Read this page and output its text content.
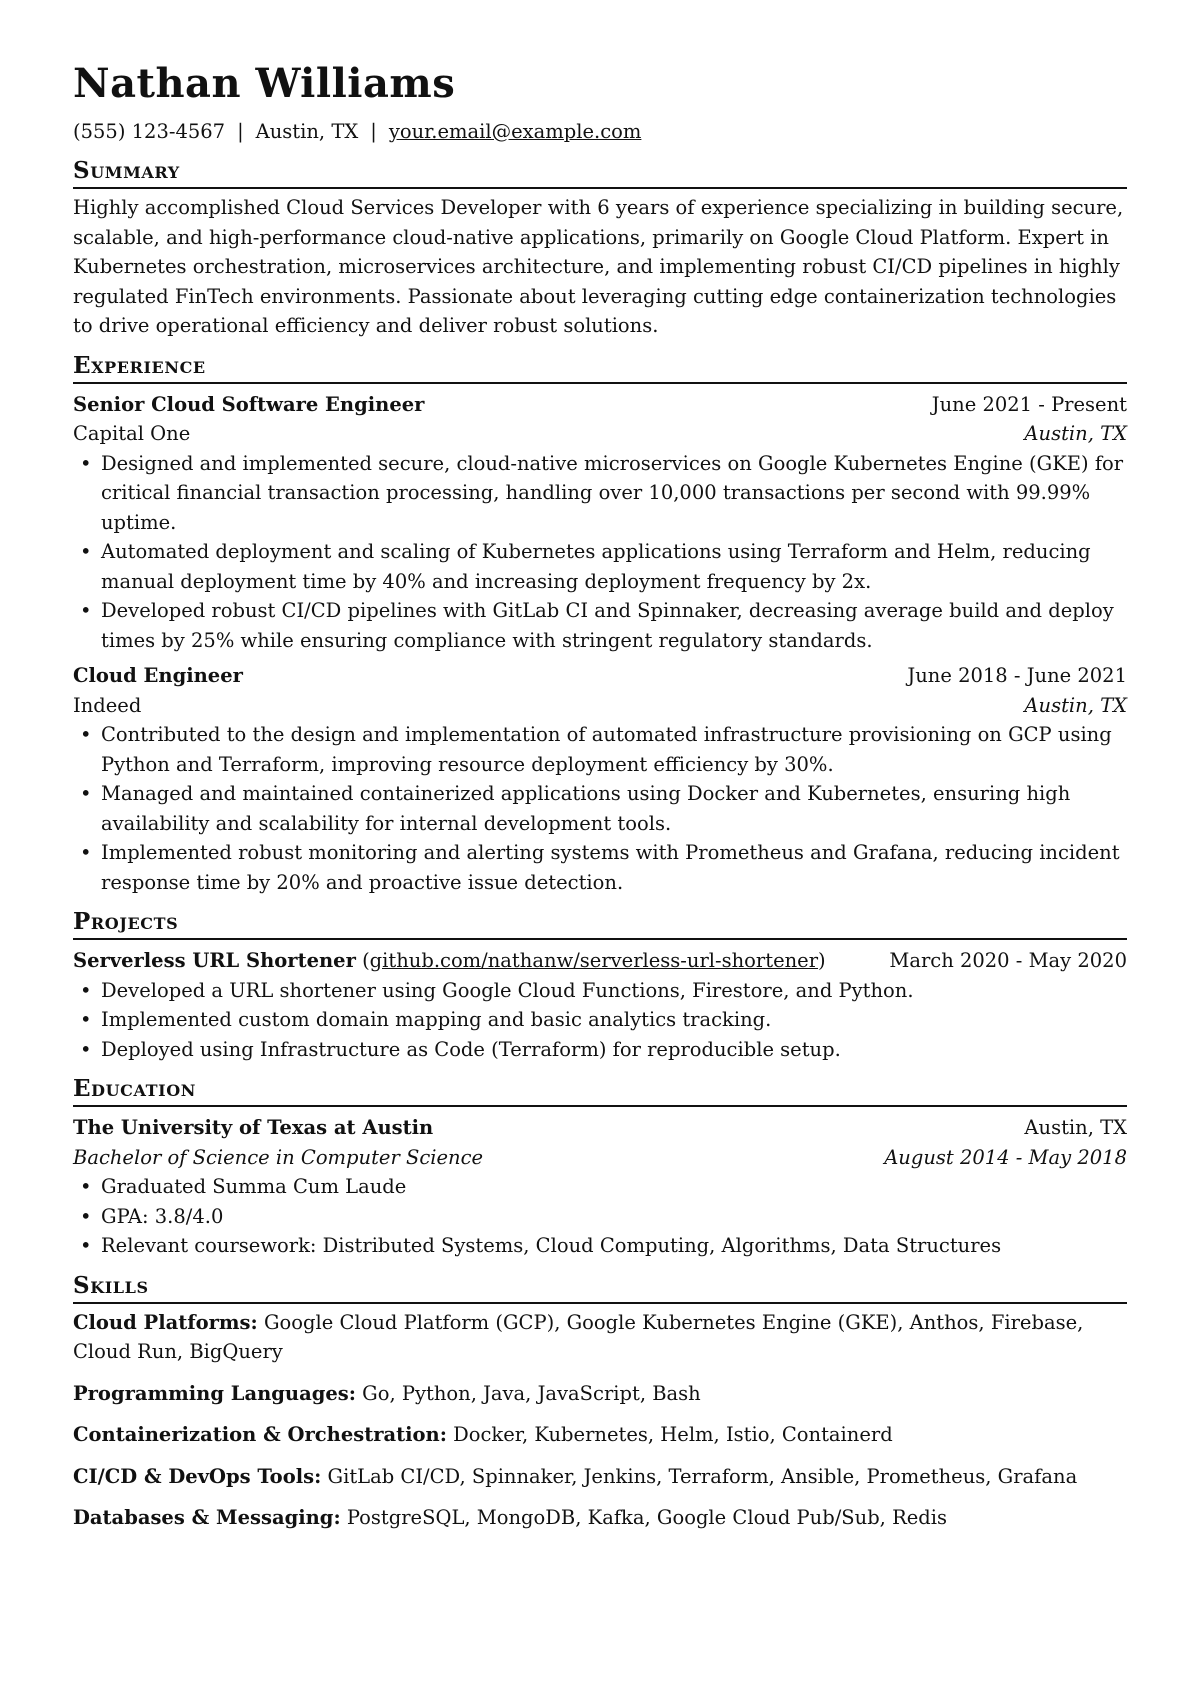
Nathan Williams
(555) 123-4567 | Austin, TX | your.email@example.com
Summary
Highly accomplished Cloud Services Developer with 6 years of experience specializing in building secure, scalable, and high-performance cloud-native applications, primarily on Google Cloud Platform. Expert in Kubernetes orchestration, microservices architecture, and implementing robust CI/CD pipelines in highly regulated FinTech environments. Passionate about leveraging cutting edge containerization technologies to drive operational efficiency and deliver robust solutions.
Experience
Senior Cloud Software Engineer	June 2021 - Present
Capital One	Austin, TX
• Designed and implemented secure, cloud-native microservices on Google Kubernetes Engine (GKE) for critical financial transaction processing, handling over 10,000 transactions per second with 99.99% uptime.
• Automated deployment and scaling of Kubernetes applications using Terraform and Helm, reducing manual deployment time by 40% and increasing deployment frequency by 2x.
• Developed robust CI/CD pipelines with GitLab CI and Spinnaker, decreasing average build and deploy times by 25% while ensuring compliance with stringent regulatory standards.
Cloud Engineer	June 2018 - June 2021
Indeed	Austin, TX
• Contributed to the design and implementation of automated infrastructure provisioning on GCP using Python and Terraform, improving resource deployment efficiency by 30%.
• Managed and maintained containerized applications using Docker and Kubernetes, ensuring high availability and scalability for internal development tools.
• Implemented robust monitoring and alerting systems with Prometheus and Grafana, reducing incident response time by 20% and proactive issue detection.
Projects
Serverless URL Shortener (github.com/nathanw/serverless-url-shortener)	March 2020 - May 2020
• Developed a URL shortener using Google Cloud Functions, Firestore, and Python.
• Implemented custom domain mapping and basic analytics tracking.
• Deployed using Infrastructure as Code (Terraform) for reproducible setup.
Education
The University of Texas at Austin	Austin, TX
Bachelor of Science in Computer Science	August 2014 - May 2018
• Graduated Summa Cum Laude
• GPA: 3.8/4.0
• Relevant coursework: Distributed Systems, Cloud Computing, Algorithms, Data Structures
Skills
Cloud Platforms: Google Cloud Platform (GCP), Google Kubernetes Engine (GKE), Anthos, Firebase, Cloud Run, BigQuery
Programming Languages: Go, Python, Java, JavaScript, Bash
Containerization & Orchestration: Docker, Kubernetes, Helm, Istio, Containerd
CI/CD & DevOps Tools: GitLab CI/CD, Spinnaker, Jenkins, Terraform, Ansible, Prometheus, Grafana
Databases & Messaging: PostgreSQL, MongoDB, Kafka, Google Cloud Pub/Sub, Redis
